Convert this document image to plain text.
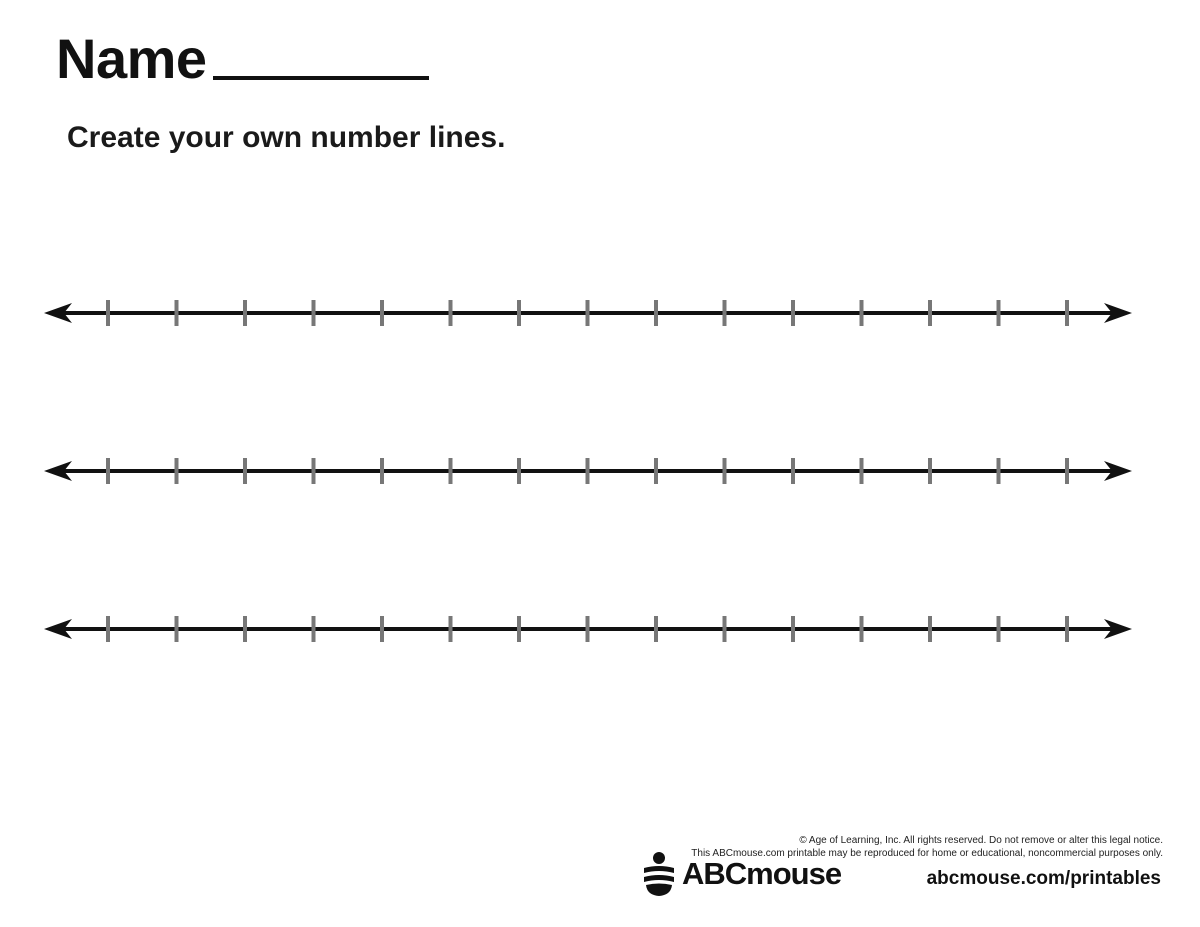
Name
Create your own number lines.
© Age of Learning, Inc. All rights reserved. Do not remove or alter this legal notice.
This ABCmouse.com printable may be reproduced for home or educational, noncommercial purposes only.
ABCmouse	abcmouse.com/printables
